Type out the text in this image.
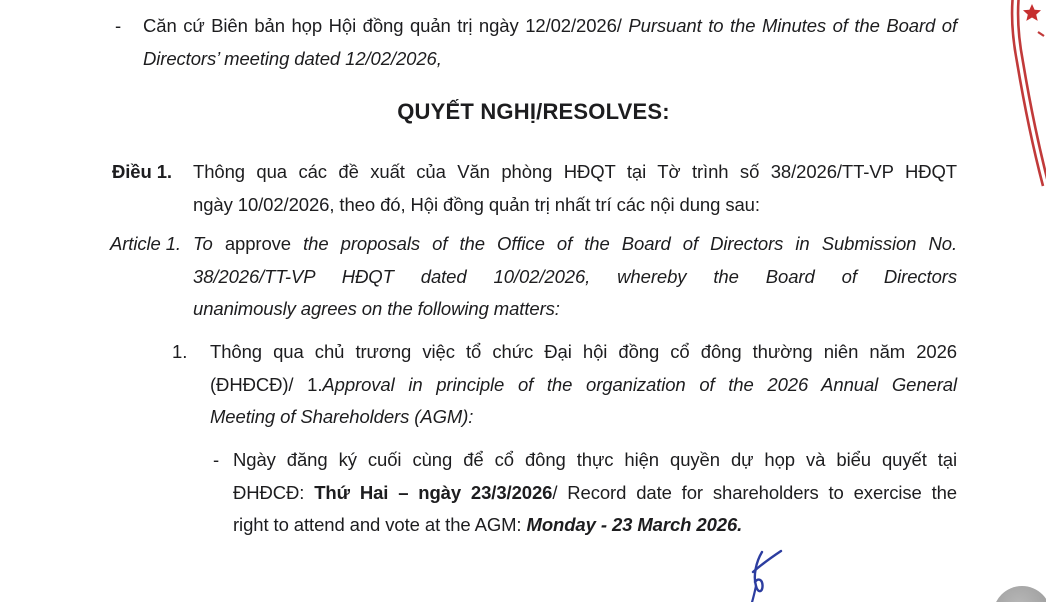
- Căn cứ Biên bản họp Hội đồng quản trị ngày 12/02/2026/ Pursuant to the Minutes of the Board of
Directors’ meeting dated 12/02/2026,
QUYẾT NGHỊ/RESOLVES:
Điều 1. Thông qua các đề xuất của Văn phòng HĐQT tại Tờ trình số 38/2026/TT-VP HĐQT
ngày 10/02/2026, theo đó, Hội đồng quản trị nhất trí các nội dung sau:
Article 1. To approve the proposals of the Office of the Board of Directors in Submission No.
38/2026/TT-VP HĐQT dated 10/02/2026, whereby the Board of Directors
unanimously agrees on the following matters:
1. Thông qua chủ trương việc tổ chức Đại hội đồng cổ đông thường niên năm 2026
(ĐHĐCĐ)/ 1.Approval in principle of the organization of the 2026 Annual General
Meeting of Shareholders (AGM):
- Ngày đăng ký cuối cùng để cổ đông thực hiện quyền dự họp và biểu quyết tại
ĐHĐCĐ: Thứ Hai – ngày 23/3/2026/ Record date for shareholders to exercise the
right to attend and vote at the AGM: Monday - 23 March 2026.
